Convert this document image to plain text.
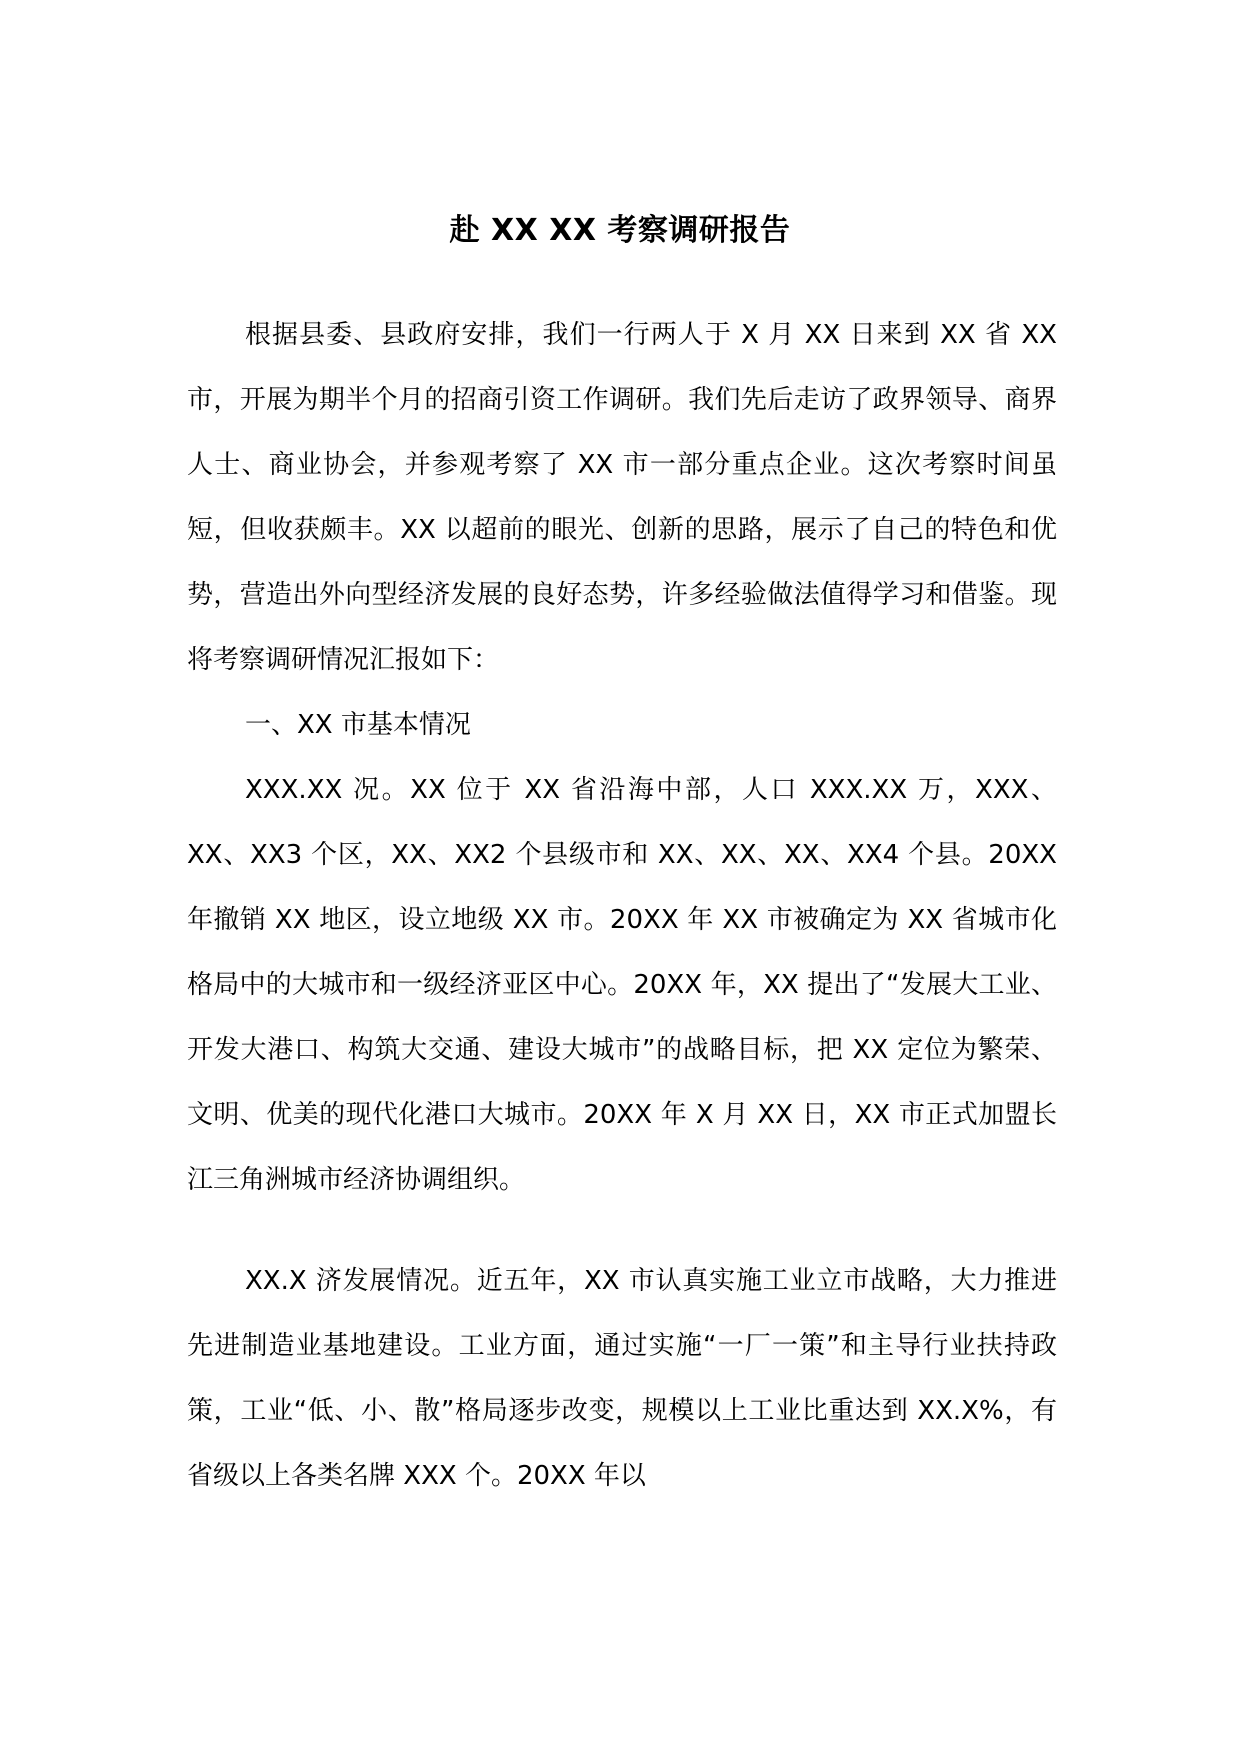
赴 XX XX 考察调研报告

根据县委、县政府安排，我们一行两人于 X 月 XX 日来到 XX 省 XX 市，开展为期半个月的招商引资工作调研。我们先后走访了政界领导、商界人士、商业协会，并参观考察了 XX 市一部分重点企业。这次考察时间虽短，但收获颇丰。XX 以超前的眼光、创新的思路，展示了自己的特色和优势，营造出外向型经济发展的良好态势，许多经验做法值得学习和借鉴。现将考察调研情况汇报如下：

一、XX 市基本情况

XXX.XX 况。XX 位于 XX 省沿海中部，人口 XXX.XX 万，XXX、XX、XX3 个区，XX、XX2 个县级市和 XX、XX、XX、XX4 个县。20XX 年撤销 XX 地区，设立地级 XX 市。20XX 年 XX 市被确定为 XX 省城市化格局中的大城市和一级经济亚区中心。20XX 年，XX 提出了“发展大工业、开发大港口、构筑大交通、建设大城市”的战略目标，把 XX 定位为繁荣、文明、优美的现代化港口大城市。20XX 年 X 月 XX 日，XX 市正式加盟长江三角洲城市经济协调组织。

XX.X 济发展情况。近五年，XX 市认真实施工业立市战略，大力推进先进制造业基地建设。工业方面，通过实施“一厂一策”和主导行业扶持政策，工业“低、小、散”格局逐步改变，规模以上工业比重达到 XX.X%，有省级以上各类名牌 XXX 个。20XX 年以
